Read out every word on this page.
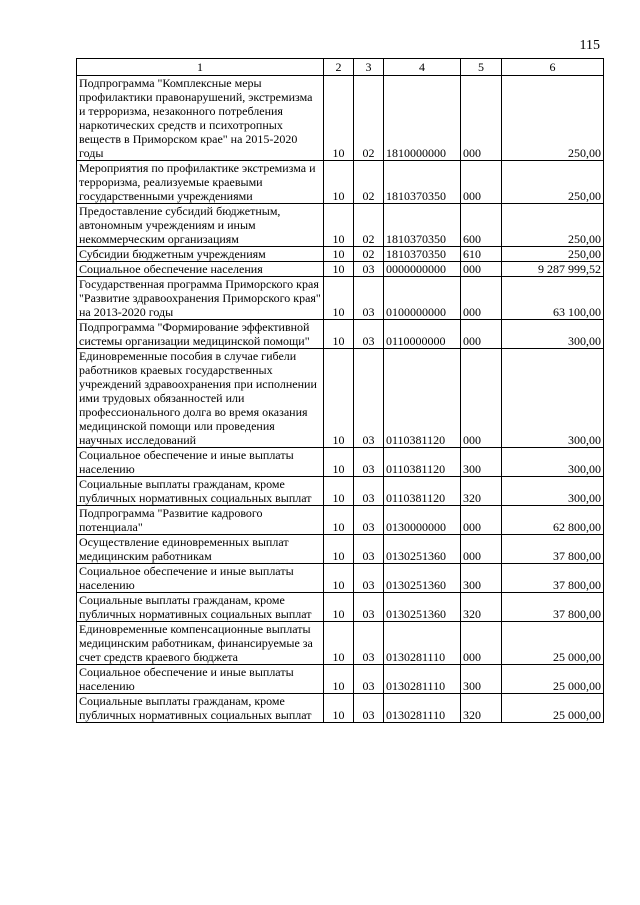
115
1	2	3	4	5	6
Подпрограмма "Комплексные меры профилактики правонарушений, экстремизма и терроризма, незаконного потребления наркотических средств и психотропных веществ в Приморском крае" на 2015-2020 годы	10	02	1810000000	000	250,00
Мероприятия по профилактике экстремизма и терроризма, реализуемые краевыми государственными учреждениями	10	02	1810370350	000	250,00
Предоставление субсидий бюджетным, автономным учреждениям и иным некоммерческим организациям	10	02	1810370350	600	250,00
Субсидии бюджетным учреждениям	10	02	1810370350	610	250,00
Социальное обеспечение населения	10	03	0000000000	000	9 287 999,52
Государственная программа Приморского края "Развитие здравоохранения Приморского края" на 2013-2020 годы	10	03	0100000000	000	63 100,00
Подпрограмма "Формирование эффективной системы организации медицинской помощи"	10	03	0110000000	000	300,00
Единовременные пособия в случае гибели работников краевых государственных учреждений здравоохранения при исполнении ими трудовых обязанностей или профессионального долга во время оказания медицинской помощи или проведения научных исследований	10	03	0110381120	000	300,00
Социальное обеспечение и иные выплаты населению	10	03	0110381120	300	300,00
Социальные выплаты гражданам, кроме публичных нормативных социальных выплат	10	03	0110381120	320	300,00
Подпрограмма "Развитие кадрового потенциала"	10	03	0130000000	000	62 800,00
Осуществление единовременных выплат медицинским работникам	10	03	0130251360	000	37 800,00
Социальное обеспечение и иные выплаты населению	10	03	0130251360	300	37 800,00
Социальные выплаты гражданам, кроме публичных нормативных социальных выплат	10	03	0130251360	320	37 800,00
Единовременные компенсационные выплаты медицинским работникам, финансируемые за счет средств краевого бюджета	10	03	0130281110	000	25 000,00
Социальное обеспечение и иные выплаты населению	10	03	0130281110	300	25 000,00
Социальные выплаты гражданам, кроме публичных нормативных социальных выплат	10	03	0130281110	320	25 000,00
